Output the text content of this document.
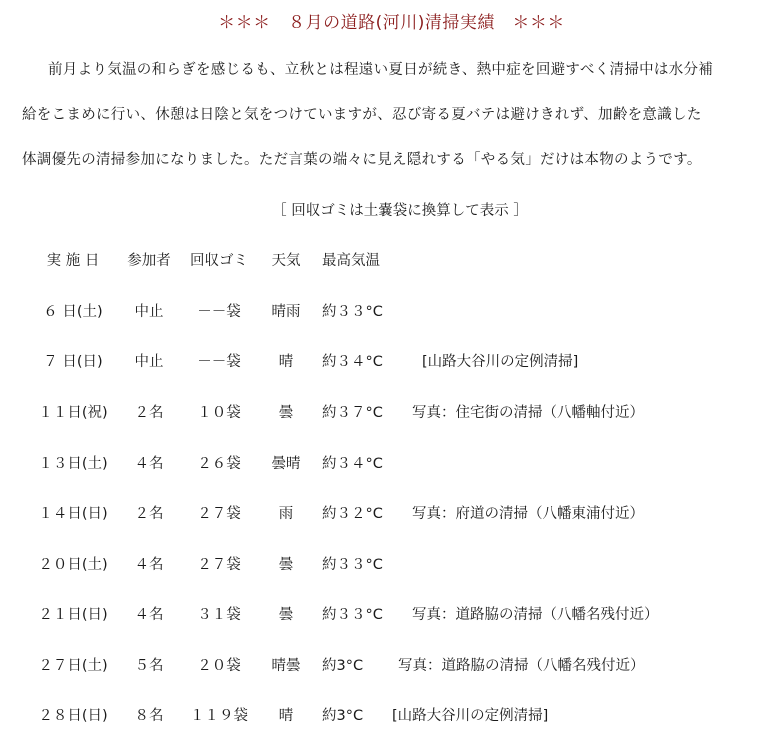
＊＊＊　８月の道路(河川)清掃実績　＊＊＊
前月より気温の和らぎを感じるも、立秋とは程遠い夏日が続き、熱中症を回避すべく清掃中は水分補
給をこまめに行い、休憩は日陰と気をつけていますが、忍び寄る夏バテは避けきれず、加齢を意識した
体調優先の清掃参加になりました。ただ言葉の端々に見え隠れする「やる気」だけは本物のようです。
［ 回収ゴミは土嚢袋に換算して表示 ］
実 施 日	参加者	回収ゴミ	天気	最高気温
６ 日(土)	中止	－－袋	晴雨	約３３°C
７ 日(日)	中止	－－袋	晴	約３４°C	[山路大谷川の定例清掃]
１１日(祝)	２名	１０袋	曇	約３７°C	写真：住宅街の清掃（八幡軸付近）
１３日(土)	４名	２６袋	曇晴	約３４°C
１４日(日)	２名	２７袋	雨	約３２°C	写真：府道の清掃（八幡東浦付近）
２０日(土)	４名	２７袋	曇	約３３°C
２１日(日)	４名	３１袋	曇	約３３°C	写真：道路脇の清掃（八幡名残付近）
２７日(土)	５名	２０袋	晴曇	約3°C	写真：道路脇の清掃（八幡名残付近）
２８日(日)	８名	１１９袋	晴	約3°C	[山路大谷川の定例清掃]
